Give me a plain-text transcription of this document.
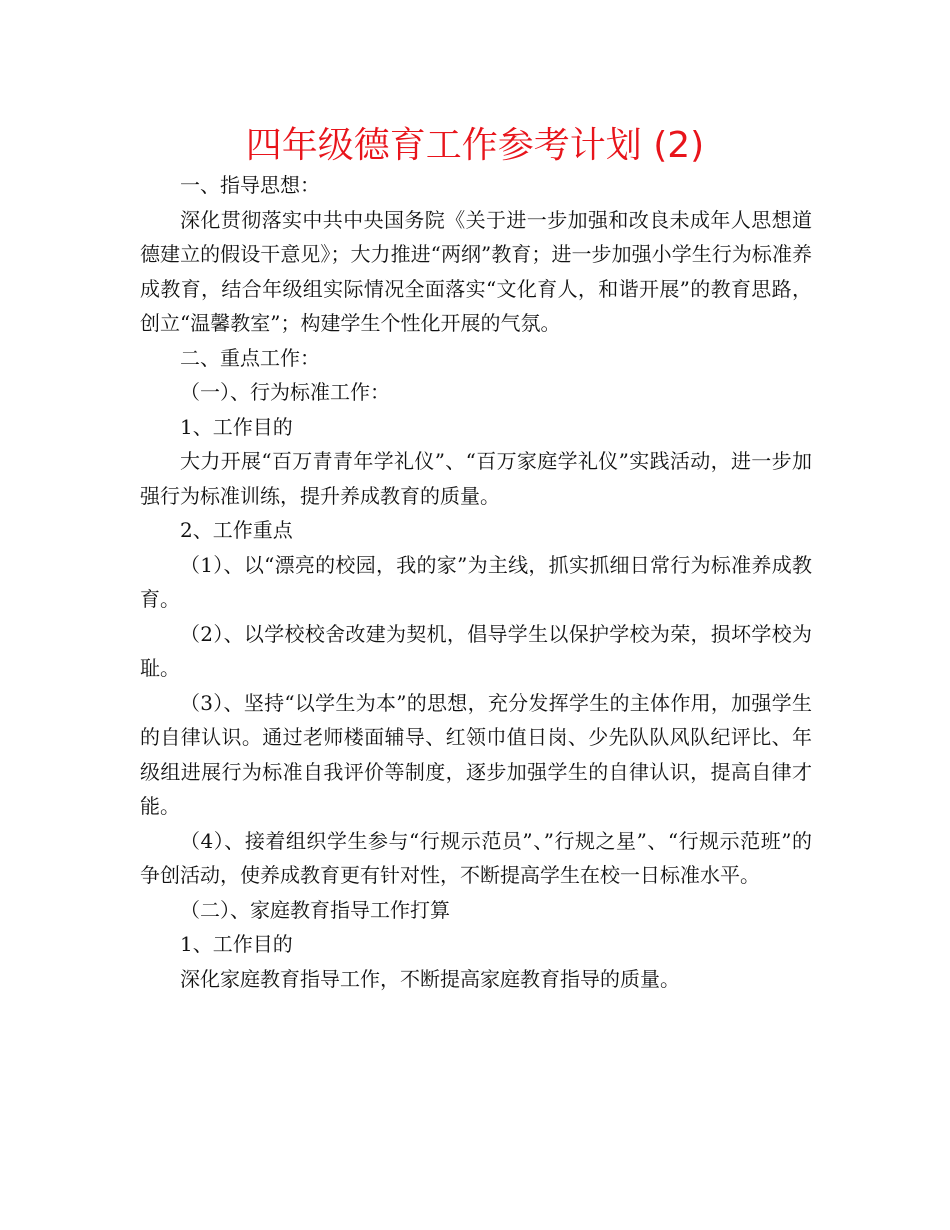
四年级德育工作参考计划 (2)

一、指导思想：

深化贯彻落实中共中央国务院《关于进一步加强和改良未成年人思想道德建立的假设干意见》；大力推进“两纲”教育；进一步加强小学生行为标准养成教育，结合年级组实际情况全面落实“文化育人，和谐开展”的教育思路，创立“温馨教室”；构建学生个性化开展的气氛。

二、重点工作：

（一）、行为标准工作：

1、工作目的

大力开展“百万青青年学礼仪”、“百万家庭学礼仪”实践活动，进一步加强行为标准训练，提升养成教育的质量。

2、工作重点

（1）、以“漂亮的校园，我的家”为主线，抓实抓细日常行为标准养成教育。

（2）、以学校校舍改建为契机，倡导学生以保护学校为荣，损坏学校为耻。

（3）、坚持“以学生为本”的思想，充分发挥学生的主体作用，加强学生的自律认识。通过老师楼面辅导、红领巾值日岗、少先队队风队纪评比、年级组进展行为标准自我评价等制度，逐步加强学生的自律认识，提高自律才能。

（4）、接着组织学生参与“行规示范员”、”行规之星”、“行规示范班”的争创活动，使养成教育更有针对性，不断提高学生在校一日标准水平。

（二）、家庭教育指导工作打算

1、工作目的

深化家庭教育指导工作，不断提高家庭教育指导的质量。
